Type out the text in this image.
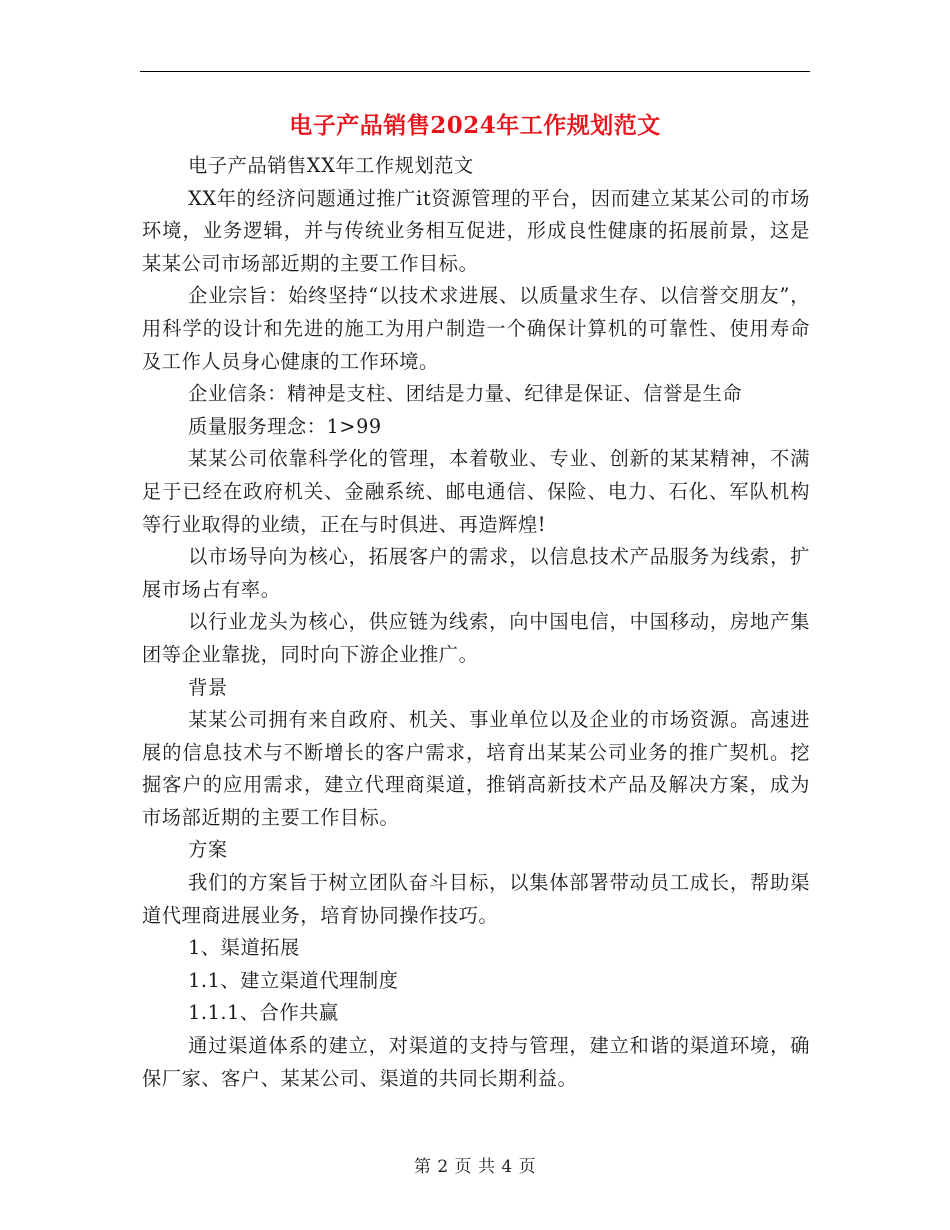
电子产品销售2024年工作规划范文

电子产品销售XX年工作规划范文

XX年的经济问题通过推广it资源管理的平台，因而建立某某公司的市场环境，业务逻辑，并与传统业务相互促进，形成良性健康的拓展前景，这是某某公司市场部近期的主要工作目标。

企业宗旨：始终坚持“以技术求进展、以质量求生存、以信誉交朋友”，用科学的设计和先进的施工为用户制造一个确保计算机的可靠性、使用寿命及工作人员身心健康的工作环境。

企业信条：精神是支柱、团结是力量、纪律是保证、信誉是生命

质量服务理念：1>99

某某公司依靠科学化的管理，本着敬业、专业、创新的某某精神，不满足于已经在政府机关、金融系统、邮电通信、保险、电力、石化、军队机构等行业取得的业绩，正在与时俱进、再造辉煌!

以市场导向为核心，拓展客户的需求，以信息技术产品服务为线索，扩展市场占有率。

以行业龙头为核心，供应链为线索，向中国电信，中国移动，房地产集团等企业靠拢，同时向下游企业推广。

背景

某某公司拥有来自政府、机关、事业单位以及企业的市场资源。高速进展的信息技术与不断增长的客户需求，培育出某某公司业务的推广契机。挖掘客户的应用需求，建立代理商渠道，推销高新技术产品及解决方案，成为市场部近期的主要工作目标。

方案

我们的方案旨于树立团队奋斗目标，以集体部署带动员工成长，帮助渠道代理商进展业务，培育协同操作技巧。

1、渠道拓展

1.1、建立渠道代理制度

1.1.1、合作共赢

通过渠道体系的建立，对渠道的支持与管理，建立和谐的渠道环境，确保厂家、客户、某某公司、渠道的共同长期利益。

第 2 页 共 4 页
